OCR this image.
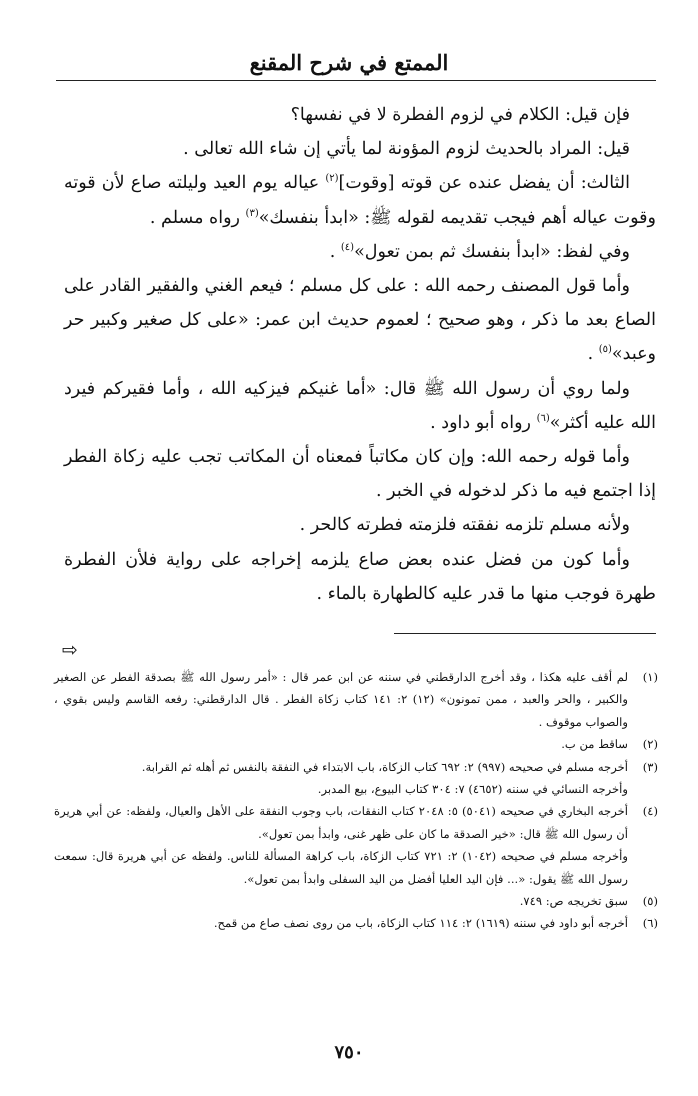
الممتع في شرح المقنع

فإن قيل: الكلام في لزوم الفطرة لا في نفسها؟

قيل: المراد بالحديث لزوم المؤونة لما يأتي إن شاء الله تعالى .

الثالث: أن يفضل عنده عن قوته [وقوت]$^{(٢)}$ عياله يوم العيد وليلته صاع لأن قوته وقوت عياله أهم فيجب تقديمه لقوله ﷺ: «ابدأ بنفسك»$^{(٣)}$ رواه مسلم .

وفي لفظ: «ابدأ بنفسك ثم بمن تعول»$^{(٤)}$ .

وأما قول المصنف رحمه الله : على كل مسلم ؛ فيعم الغني والفقير القادر على الصاع بعد ما ذكر ، وهو صحيح ؛ لعموم حديث ابن عمر: «على كل صغير وكبير حر وعبد»$^{(٥)}$ .

ولما روي أن رسول الله ﷺ قال: «أما غنيكم فيزكيه الله ، وأما فقيركم فيرد الله عليه أكثر»$^{(٦)}$ رواه أبو داود .

وأما قوله رحمه الله: وإن كان مكاتباً فمعناه أن المكاتب تجب عليه زكاة الفطر إذا اجتمع فيه ما ذكر لدخوله في الخبر .

ولأنه مسلم تلزمه نفقته فلزمته فطرته كالحر .

وأما كون من فضل عنده بعض صاع يلزمه إخراجه على رواية فلأن الفطرة طهرة فوجب منها ما قدر عليه كالطهارة بالماء .

⇨
(١)
لم أقف عليه هكذا ، وقد أخرج الدارقطني في سننه عن ابن عمر قال : «أمر رسول الله ﷺ بصدقة الفطر عن الصغير والكبير ، والحر والعبد ، ممن تمونون» (١٢) ٢: ١٤١ كتاب زكاة الفطر . قال الدارقطني: رفعه القاسم وليس بقوي ، والصواب موقوف .
(٢)
ساقط من ب.
(٣)
أخرجه مسلم في صحيحه (٩٩٧) ٢: ٦٩٢ كتاب الزكاة، باب الابتداء في النفقة بالنفس ثم أهله ثم القرابة.
وأخرجه النسائي في سننه (٤٦٥٢) ٧: ٣٠٤ كتاب البيوع، بيع المدبر.
(٤)
أخرجه البخاري في صحيحه (٥٠٤١) ٥: ٢٠٤٨ كتاب النفقات، باب وجوب النفقة على الأهل والعيال، ولفظه: عن أبي هريرة أن رسول الله ﷺ قال: «خير الصدقة ما كان على ظهر غنى، وابدأ بمن تعول».
وأخرجه مسلم في صحيحه (١٠٤٢) ٢: ٧٢١ كتاب الزكاة، باب كراهة المسألة للناس. ولفظه عن أبي هريرة قال: سمعت رسول الله ﷺ يقول: «... فإن اليد العليا أفضل من اليد السفلى وابدأ بمن تعول».
(٥)
سبق تخريجه ص: ٧٤٩.
(٦)
أخرجه أبو داود في سننه (١٦١٩) ٢: ١١٤ كتاب الزكاة، باب من روى نصف صاع من قمح.
٧٥٠
